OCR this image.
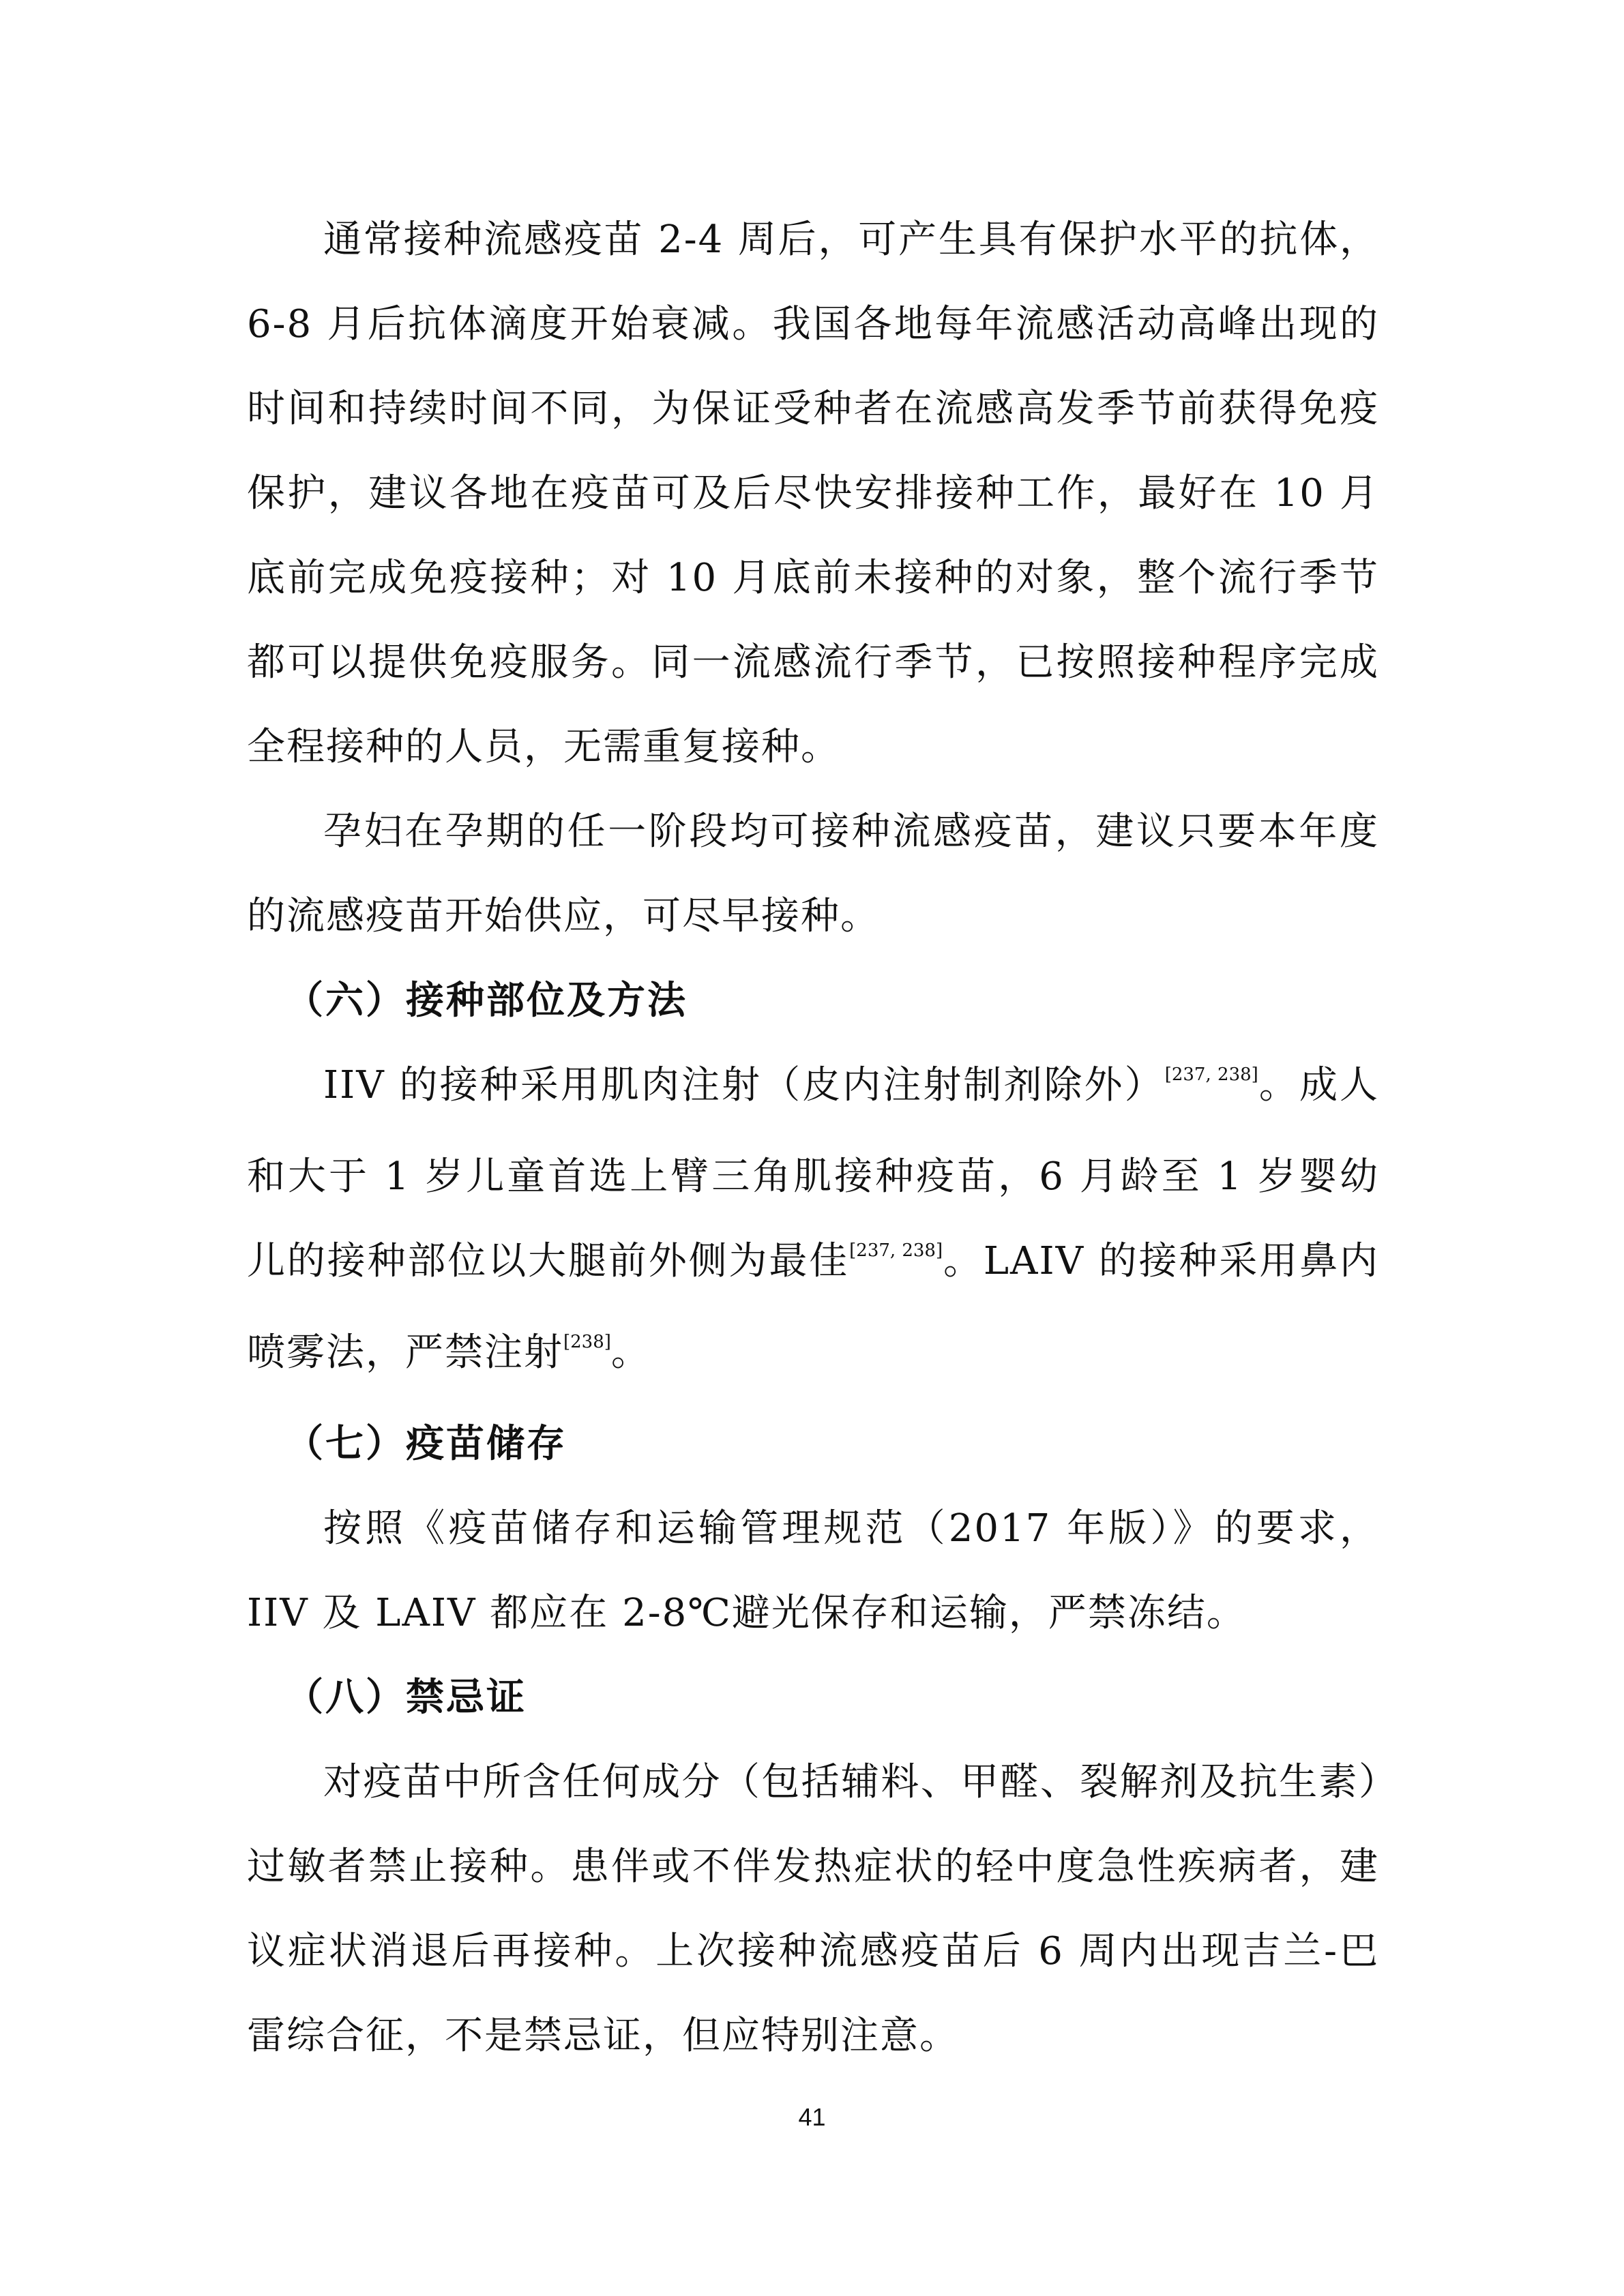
通常接种流感疫苗 2-4 周后，可产生具有保护水平的抗体，6-8 月后抗体滴度开始衰减。我国各地每年流感活动高峰出现的时间和持续时间不同，为保证受种者在流感高发季节前获得免疫保护，建议各地在疫苗可及后尽快安排接种工作，最好在 10 月底前完成免疫接种；对 10 月底前未接种的对象，整个流行季节都可以提供免疫服务。同一流感流行季节，已按照接种程序完成全程接种的人员，无需重复接种。

孕妇在孕期的任一阶段均可接种流感疫苗，建议只要本年度的流感疫苗开始供应，可尽早接种。

（六）接种部位及方法

IIV 的接种采用肌肉注射（皮内注射制剂除外）[237, 238]。成人和大于 1 岁儿童首选上臂三角肌接种疫苗，6 月龄至 1 岁婴幼儿的接种部位以大腿前外侧为最佳[237, 238]。LAIV 的接种采用鼻内喷雾法，严禁注射[238]。

（七）疫苗储存

按照《疫苗储存和运输管理规范（2017 年版）》的要求，IIV 及 LAIV 都应在 2-8℃避光保存和运输，严禁冻结。

（八）禁忌证

对疫苗中所含任何成分（包括辅料、甲醛、裂解剂及抗生素）过敏者禁止接种。患伴或不伴发热症状的轻中度急性疾病者，建议症状消退后再接种。上次接种流感疫苗后 6 周内出现吉兰-巴雷综合征，不是禁忌证，但应特别注意。

41
